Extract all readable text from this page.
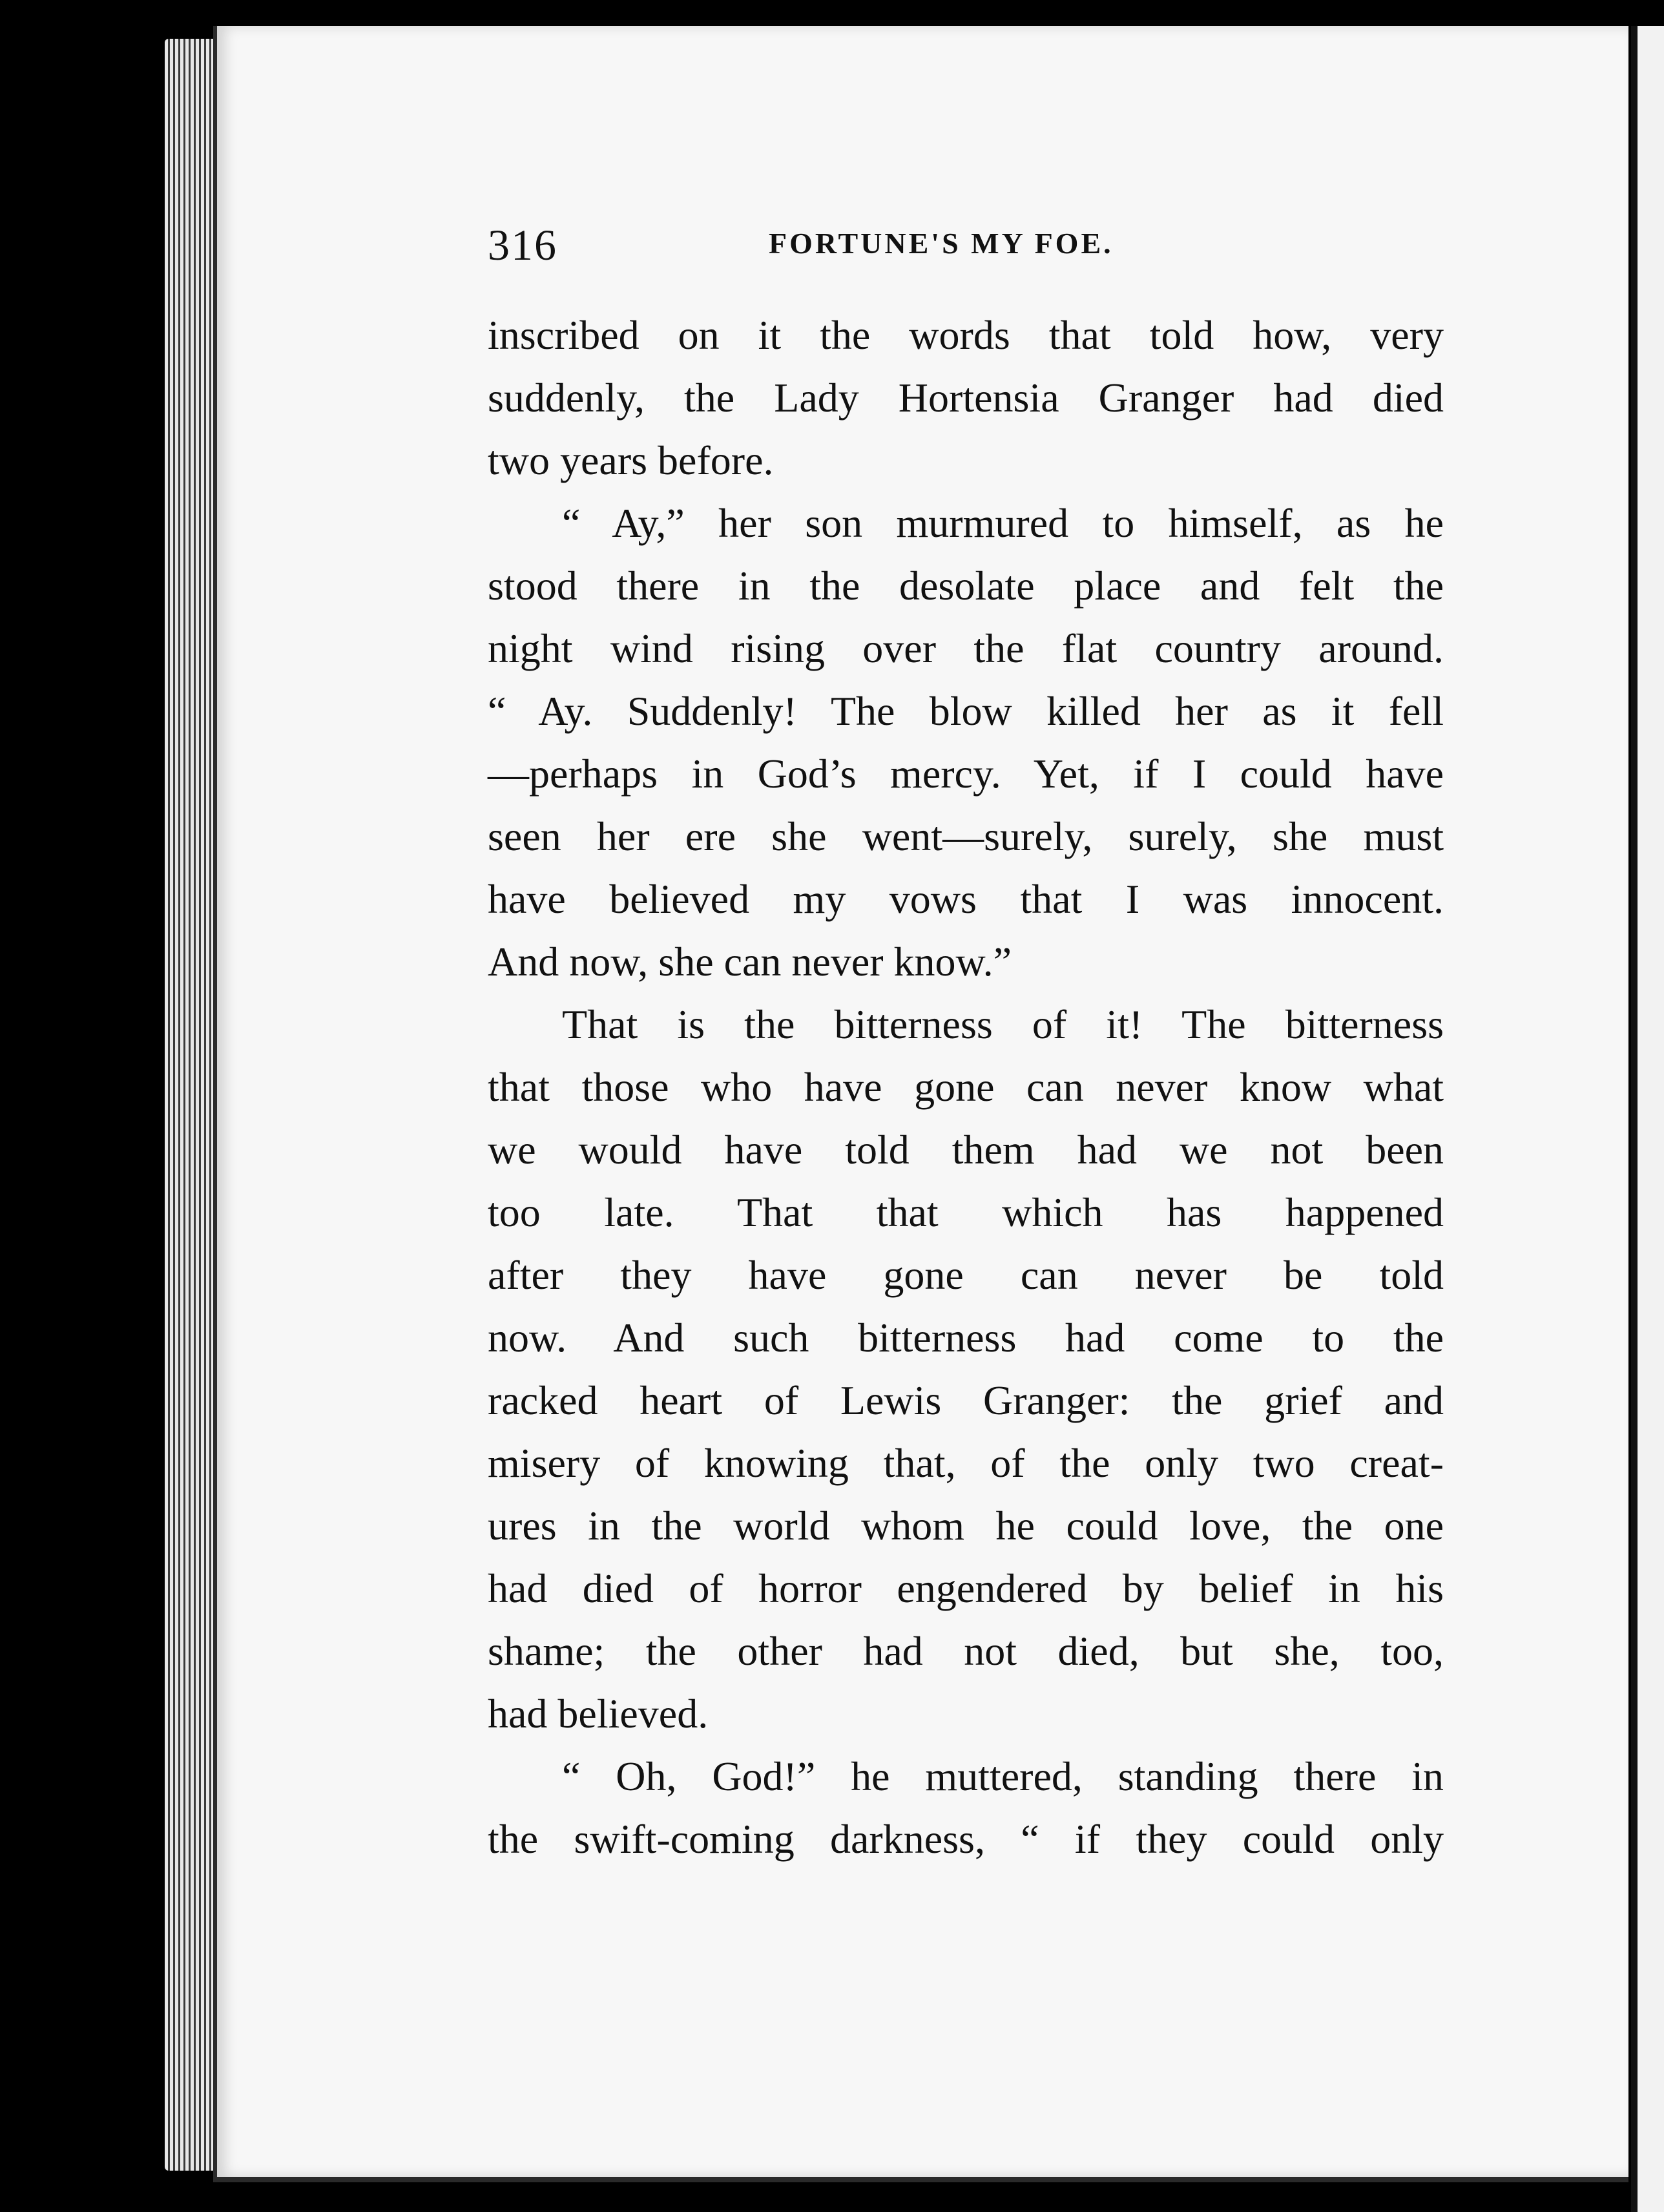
316	FORTUNE'S MY FOE.
inscribed on it the words that told how, very
suddenly, the Lady Hortensia Granger had died
two years before.
“ Ay,” her son murmured to himself, as he
stood there in the desolate place and felt the
night wind rising over the flat country around.
“ Ay. Suddenly! The blow killed her as it fell
—perhaps in God’s mercy. Yet, if I could have
seen her ere she went—surely, surely, she must
have believed my vows that I was innocent.
And now, she can never know.”
That is the bitterness of it! The bitterness
that those who have gone can never know what
we would have told them had we not been
too late. That that which has happened
after they have gone can never be told
now. And such bitterness had come to the
racked heart of Lewis Granger: the grief and
misery of knowing that, of the only two creat-
ures in the world whom he could love, the one
had died of horror engendered by belief in his
shame; the other had not died, but she, too,
had believed.
“ Oh, God!” he muttered, standing there in
the swift-coming darkness, “ if they could only
